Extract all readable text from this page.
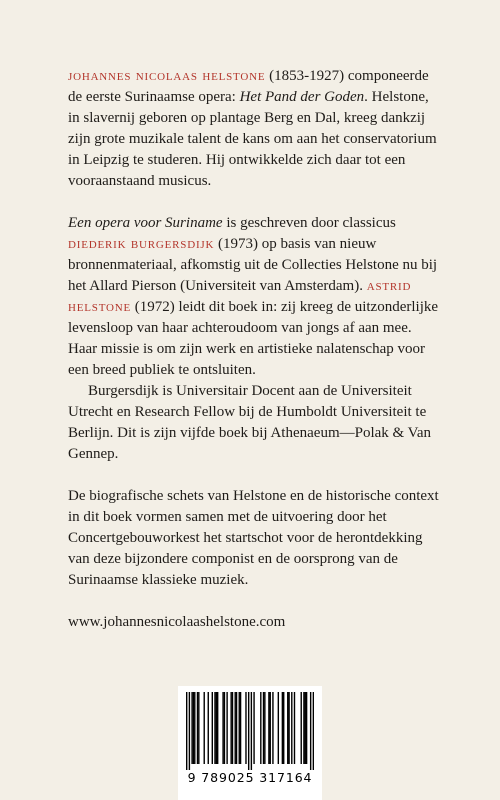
johannes nicolaas helstone (1853-1927) componeerde de eerste Surinaamse opera: Het Pand der Goden. Helstone, in slavernij geboren op plantage Berg en Dal, kreeg dankzij zijn grote muzikale talent de kans om aan het conservatorium in Leipzig te studeren. Hij ontwikkelde zich daar tot een vooraanstaand musicus.

Een opera voor Suriname is geschreven door classicus diederik burgersdijk (1973) op basis van nieuw bronnenmateriaal, afkomstig uit de Collecties Helstone nu bij het Allard Pierson (Universiteit van Amsterdam). astrid helstone (1972) leidt dit boek in: zij kreeg de uitzonderlijke levensloop van haar achteroudoom van jongs af aan mee. Haar missie is om zijn werk en artistieke nalatenschap voor een breed publiek te ontsluiten.

Burgersdijk is Universitair Docent aan de Universiteit Utrecht en Research Fellow bij de Humboldt Universiteit te Berlijn. Dit is zijn vijfde boek bij Athenaeum—Polak & Van Gennep.

De biografische schets van Helstone en de historische context in dit boek vormen samen met de uitvoering door het Concertgebouworkest het startschot voor de herontdekking van deze bijzondere componist en de oorsprong van de Surinaamse klassieke muziek.

www.johannesnicolaashelstone.com

9 789025 317164
